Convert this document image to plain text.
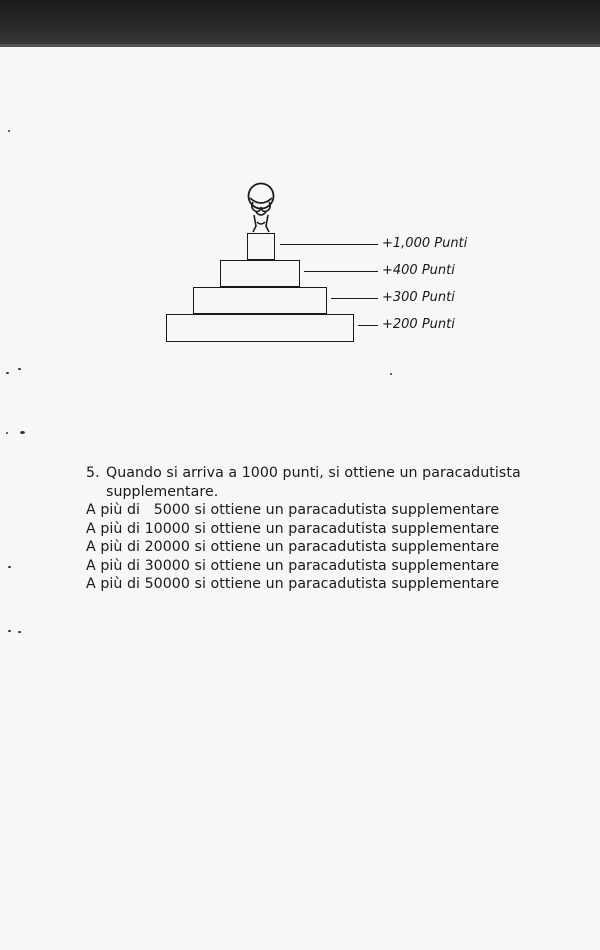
+1,000 Punti
+400 Punti
+300 Punti
+200 Punti
5. Quando si arriva a 1000 punti, si ottiene un paracadutista supplementare.
A più di   5000 si ottiene un paracadutista supplementare
A più di 10000 si ottiene un paracadutista supplementare
A più di 20000 si ottiene un paracadutista supplementare
A più di 30000 si ottiene un paracadutista supplementare
A più di 50000 si ottiene un paracadutista supplementare
